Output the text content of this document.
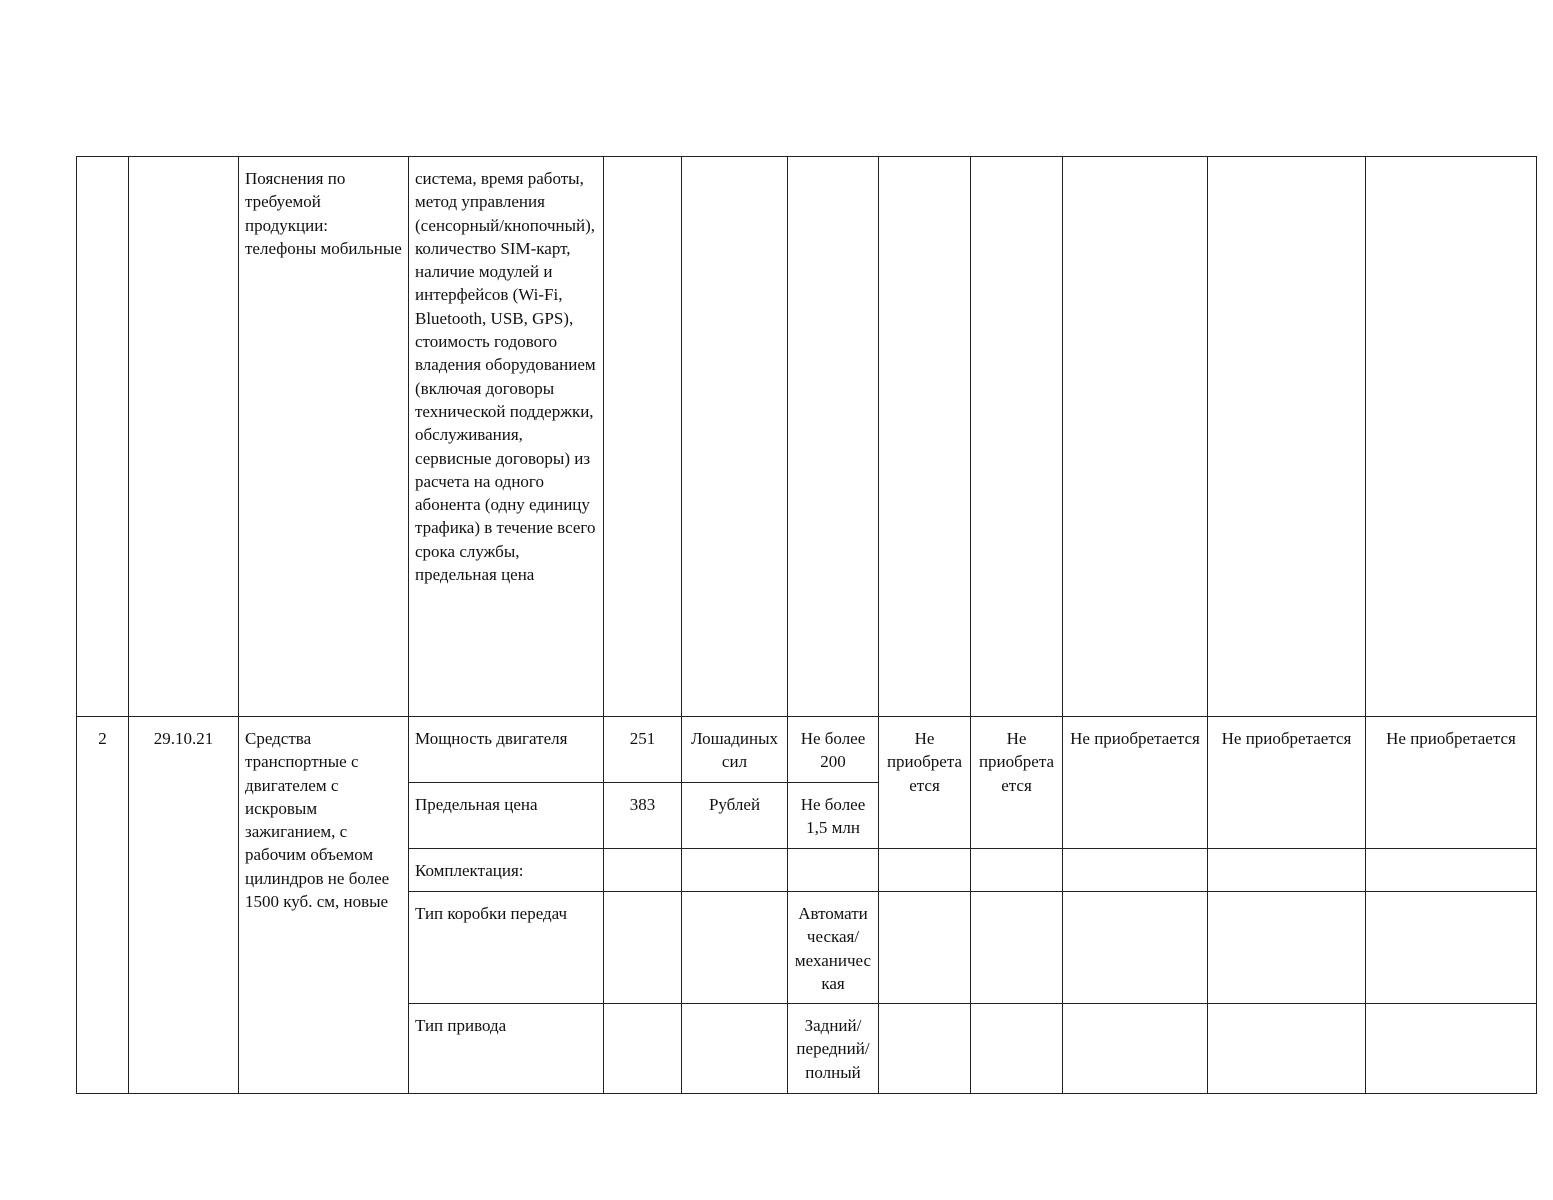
		Пояснения по требуемой продукции: телефоны мобильные	система, время работы, метод управления (сенсорный/кнопочный), количество SIM-карт, наличие модулей и интерфейсов (Wi-Fi, Bluetooth, USB, GPS), стоимость годового владения оборудованием (включая договоры технической поддержки, обслуживания, сервисные договоры) из расчета на одного абонента (одну единицу трафика) в течение всего срока службы, предельная цена								
2	29.10.21	Средства транспортные с двигателем с искровым зажиганием, с рабочим объемом цилиндров не более 1500 куб. см, новые	Мощность двигателя	251	Лошадиных сил	Не более 200	Не приобретается	Не приобретается	Не приобретается	Не приобретается	Не приобретается
			Предельная цена	383	Рублей	Не более 1,5 млн					
			Комплектация:								
			Тип коробки передач			Автоматическая/механическая					
			Тип привода			Задний/передний/полный					
